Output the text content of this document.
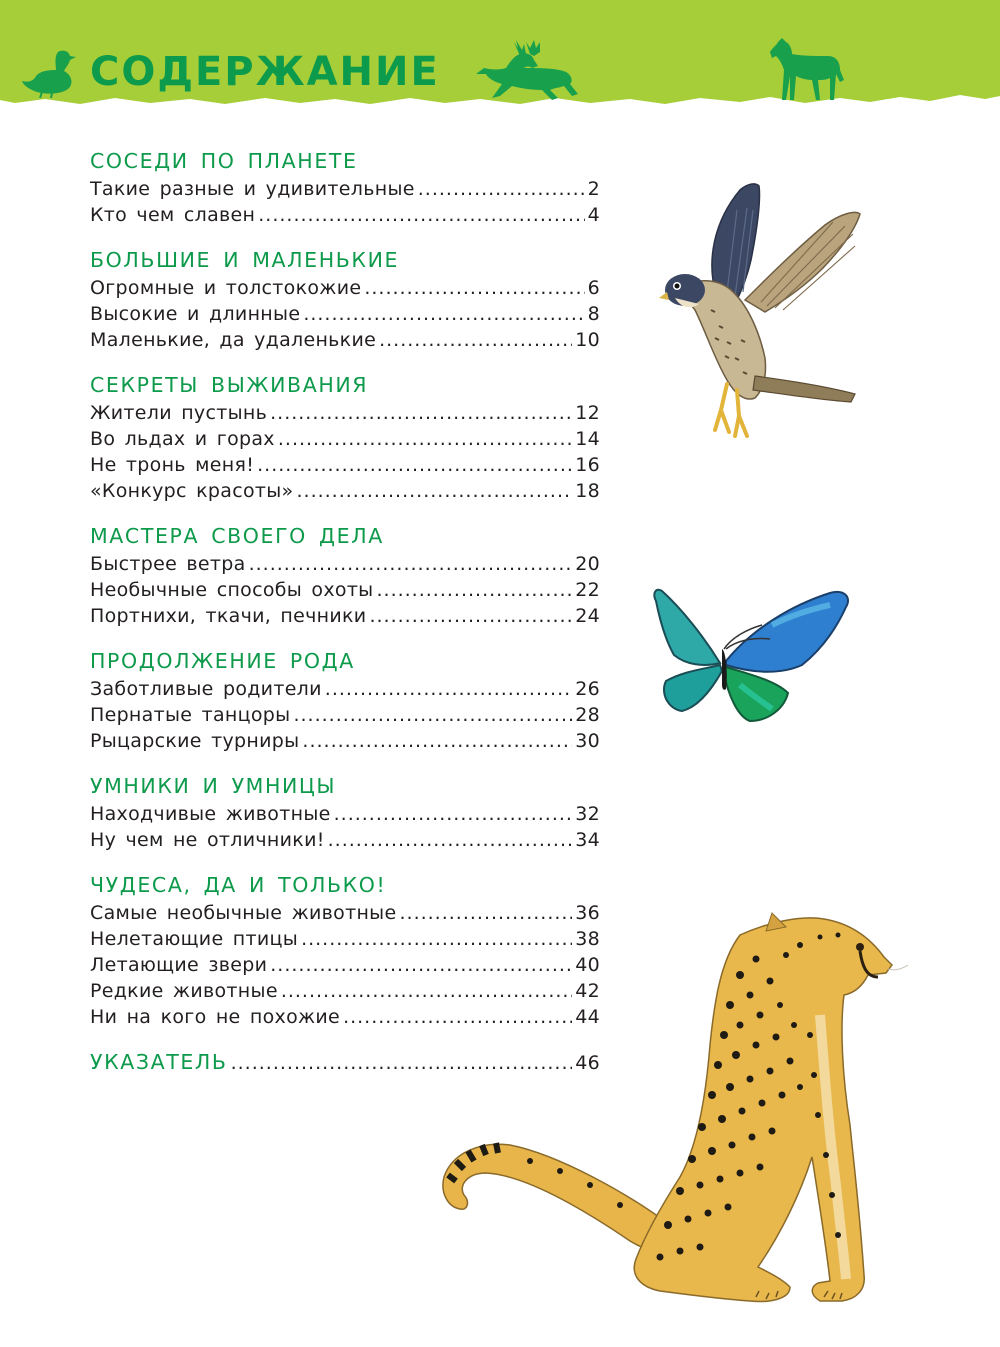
СОДЕРЖАНИЕ
СОСЕДИ ПО ПЛАНЕТЕ
Такие разные и удивительные .....	2
Кто чем славен .....	4
БОЛЬШИЕ И МАЛЕНЬКИЕ
Огромные и толстокожие .....	6
Высокие и длинные .....	8
Маленькие, да удаленькие .....	10
СЕКРЕТЫ ВЫЖИВАНИЯ
Жители пустынь .....	12
Во льдах и горах .....	14
Не тронь меня! .....	16
«Конкурс красоты» .....	18
МАСТЕРА СВОЕГО ДЕЛА
Быстрее ветра .....	20
Необычные способы охоты .....	22
Портнихи, ткачи, печники .....	24
ПРОДОЛЖЕНИЕ РОДА
Заботливые родители .....	26
Пернатые танцоры .....	28
Рыцарские турниры .....	30
УМНИКИ И УМНИЦЫ
Находчивые животные .....	32
Ну чем не отличники! .....	34
ЧУДЕСА, ДА И ТОЛЬКО!
Самые необычные животные .....	36
Нелетающие птицы .....	38
Летающие звери .....	40
Редкие животные .....	42
Ни на кого не похожие .....	44
УКАЗАТЕЛЬ .....	46
